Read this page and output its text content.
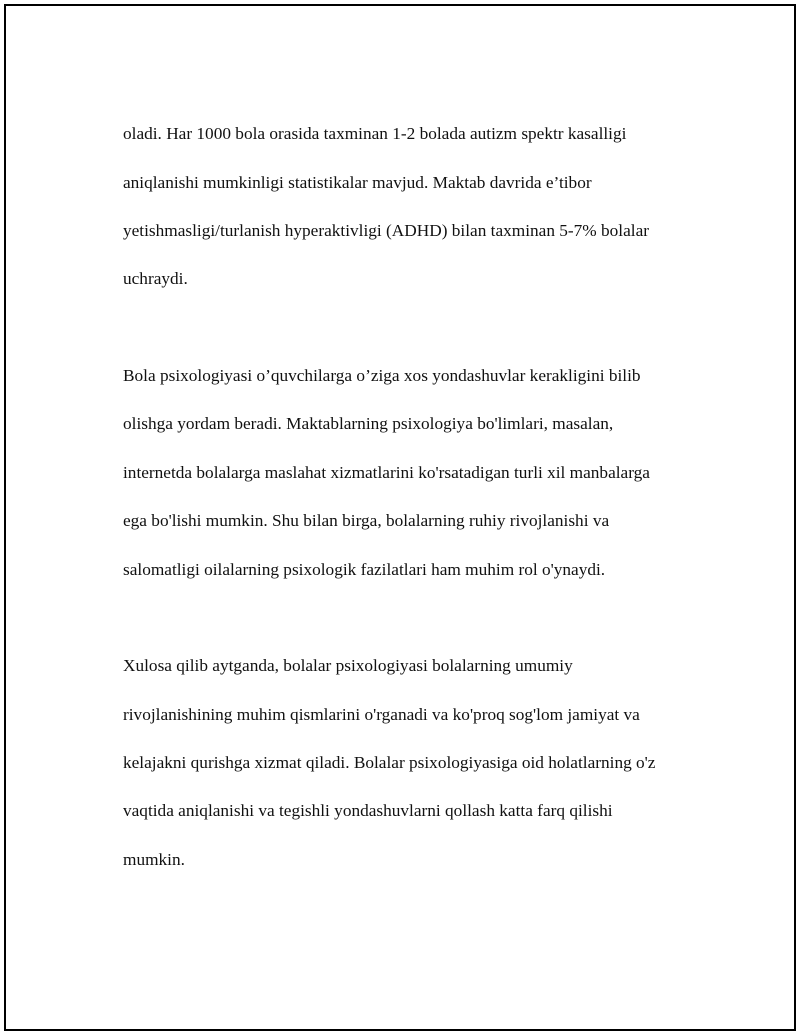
oladi. Har 1000 bola orasida taxminan 1-2 bolada autizm spektr kasalligi

aniqlanishi mumkinligi statistikalar mavjud. Maktab davrida e’tibor

yetishmasligi/turlanish hyperaktivligi (ADHD) bilan taxminan 5-7% bolalar

uchraydi.

Bola psixologiyasi o’quvchilarga o’ziga xos yondashuvlar kerakligini bilib

olishga yordam beradi. Maktablarning psixologiya bo'limlari, masalan,

internetda bolalarga maslahat xizmatlarini ko'rsatadigan turli xil manbalarga

ega bo'lishi mumkin. Shu bilan birga, bolalarning ruhiy rivojlanishi va

salomatligi oilalarning psixologik fazilatlari ham muhim rol o'ynaydi.

Xulosa qilib aytganda, bolalar psixologiyasi bolalarning umumiy

rivojlanishining muhim qismlarini o'rganadi va ko'proq sog'lom jamiyat va

kelajakni qurishga xizmat qiladi. Bolalar psixologiyasiga oid holatlarning o'z

vaqtida aniqlanishi va tegishli yondashuvlarni qollash katta farq qilishi

mumkin.
